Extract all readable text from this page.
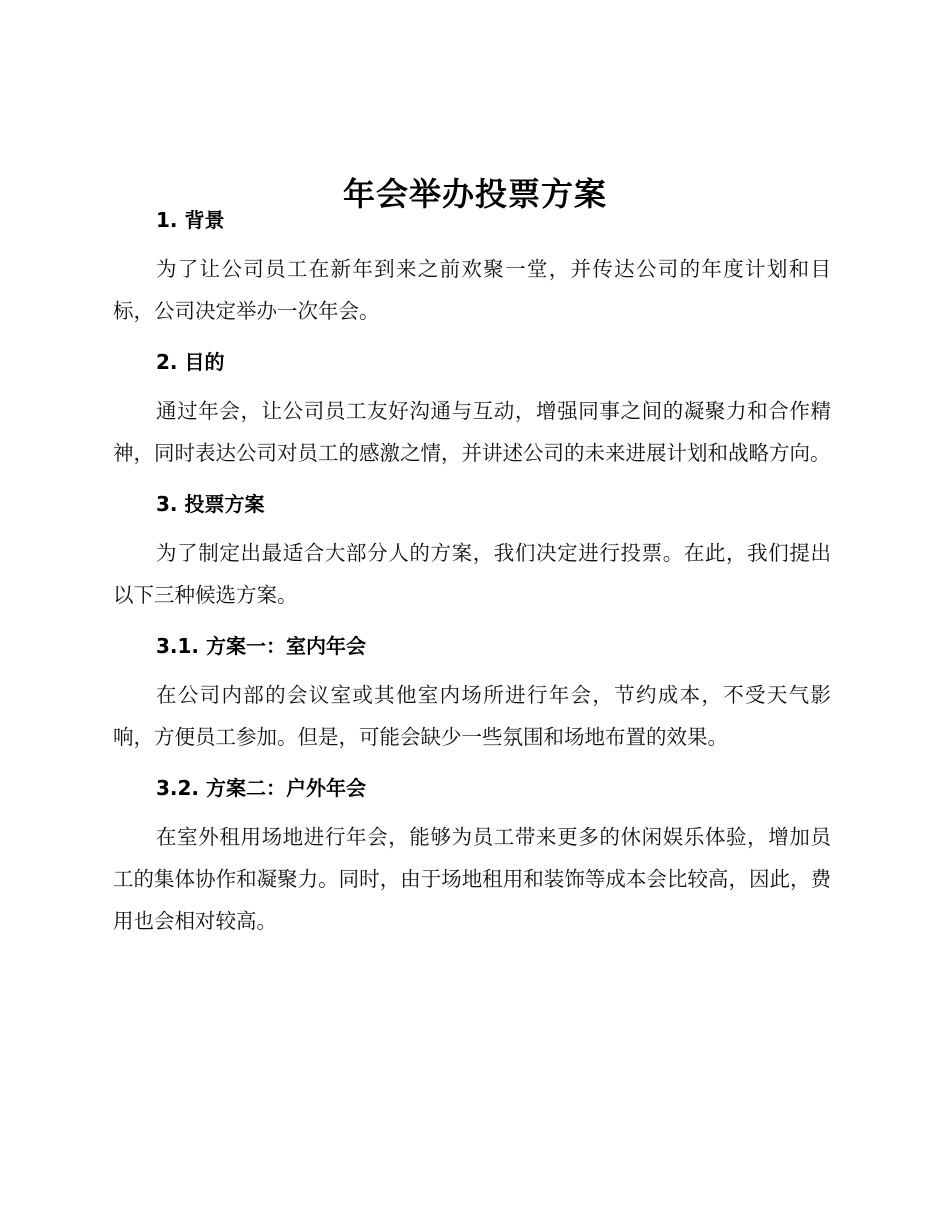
年会举办投票方案
1. 背景

为了让公司员工在新年到来之前欢聚一堂，并传达公司的年度计划和目标，公司决定举办一次年会。

2. 目的

通过年会，让公司员工友好沟通与互动，增强同事之间的凝聚力和合作精神，同时表达公司对员工的感激之情，并讲述公司的未来进展计划和战略方向。

3. 投票方案

为了制定出最适合大部分人的方案，我们决定进行投票。在此，我们提出以下三种候选方案。

3.1. 方案一：室内年会

在公司内部的会议室或其他室内场所进行年会，节约成本，不受天气影响，方便员工参加。但是，可能会缺少一些氛围和场地布置的效果。

3.2. 方案二：户外年会

在室外租用场地进行年会，能够为员工带来更多的休闲娱乐体验，增加员工的集体协作和凝聚力。同时，由于场地租用和装饰等成本会比较高，因此，费用也会相对较高。
